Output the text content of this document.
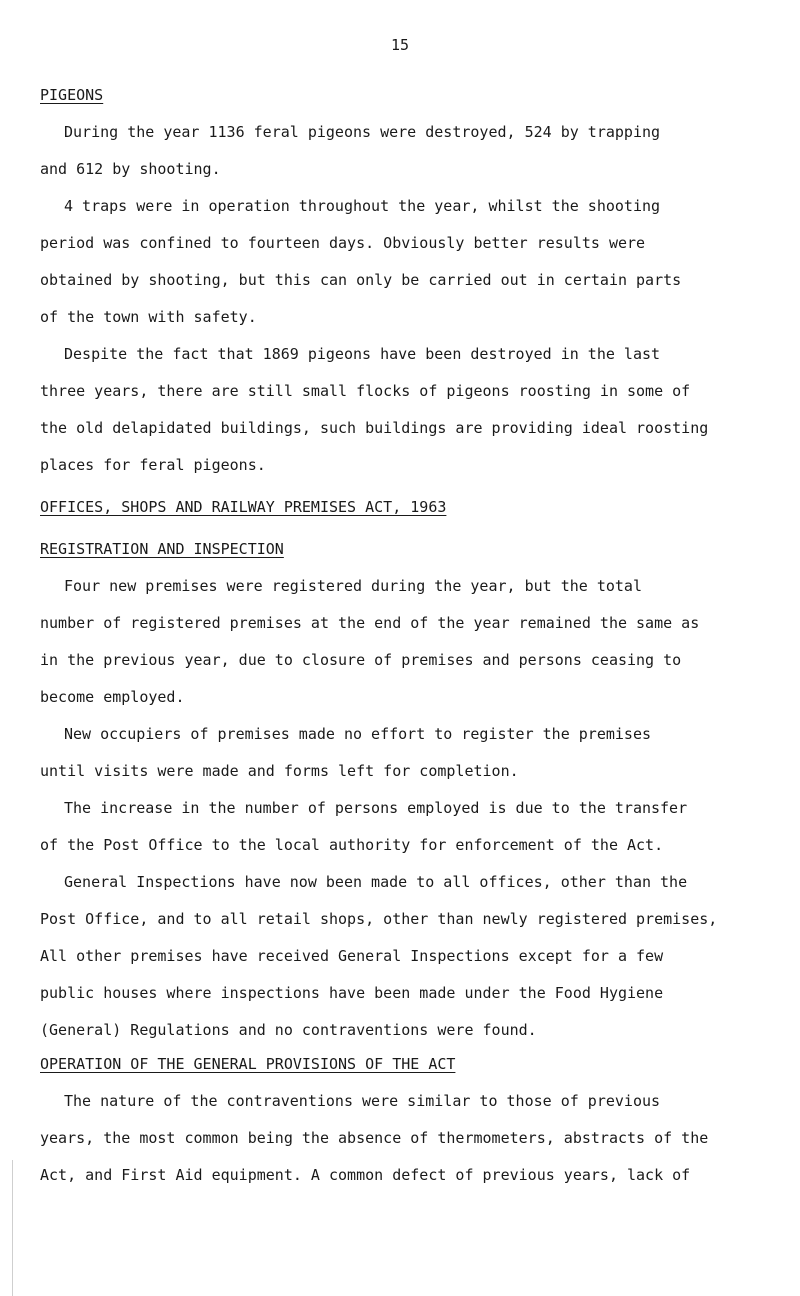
15
PIGEONS

During the year 1136 feral pigeons were destroyed, 524 by trapping
and 612 by shooting.

4 traps were in operation throughout the year, whilst the shooting
period was confined to fourteen days. Obviously better results were
obtained by shooting, but this can only be carried out in certain parts
of the town with safety.

Despite the fact that 1869 pigeons have been destroyed in the last
three years, there are still small flocks of pigeons roosting in some of
the old delapidated buildings, such buildings are providing ideal roosting
places for feral pigeons.

OFFICES, SHOPS AND RAILWAY PREMISES ACT, 1963
REGISTRATION AND INSPECTION

Four new premises were registered during the year, but the total
number of registered premises at the end of the year remained the same as
in the previous year, due to closure of premises and persons ceasing to
become employed.

New occupiers of premises made no effort to register the premises
until visits were made and forms left for completion.

The increase in the number of persons employed is due to the transfer
of the Post Office to the local authority for enforcement of the Act.

General Inspections have now been made to all offices, other than the
Post Office, and to all retail shops, other than newly registered premises,
All other premises have received General Inspections except for a few
public houses where inspections have been made under the Food Hygiene
(General) Regulations and no contraventions were found.

OPERATION OF THE GENERAL PROVISIONS OF THE ACT

The nature of the contraventions were similar to those of previous
years, the most common being the absence of thermometers, abstracts of the
Act, and First Aid equipment. A common defect of previous years, lack of
